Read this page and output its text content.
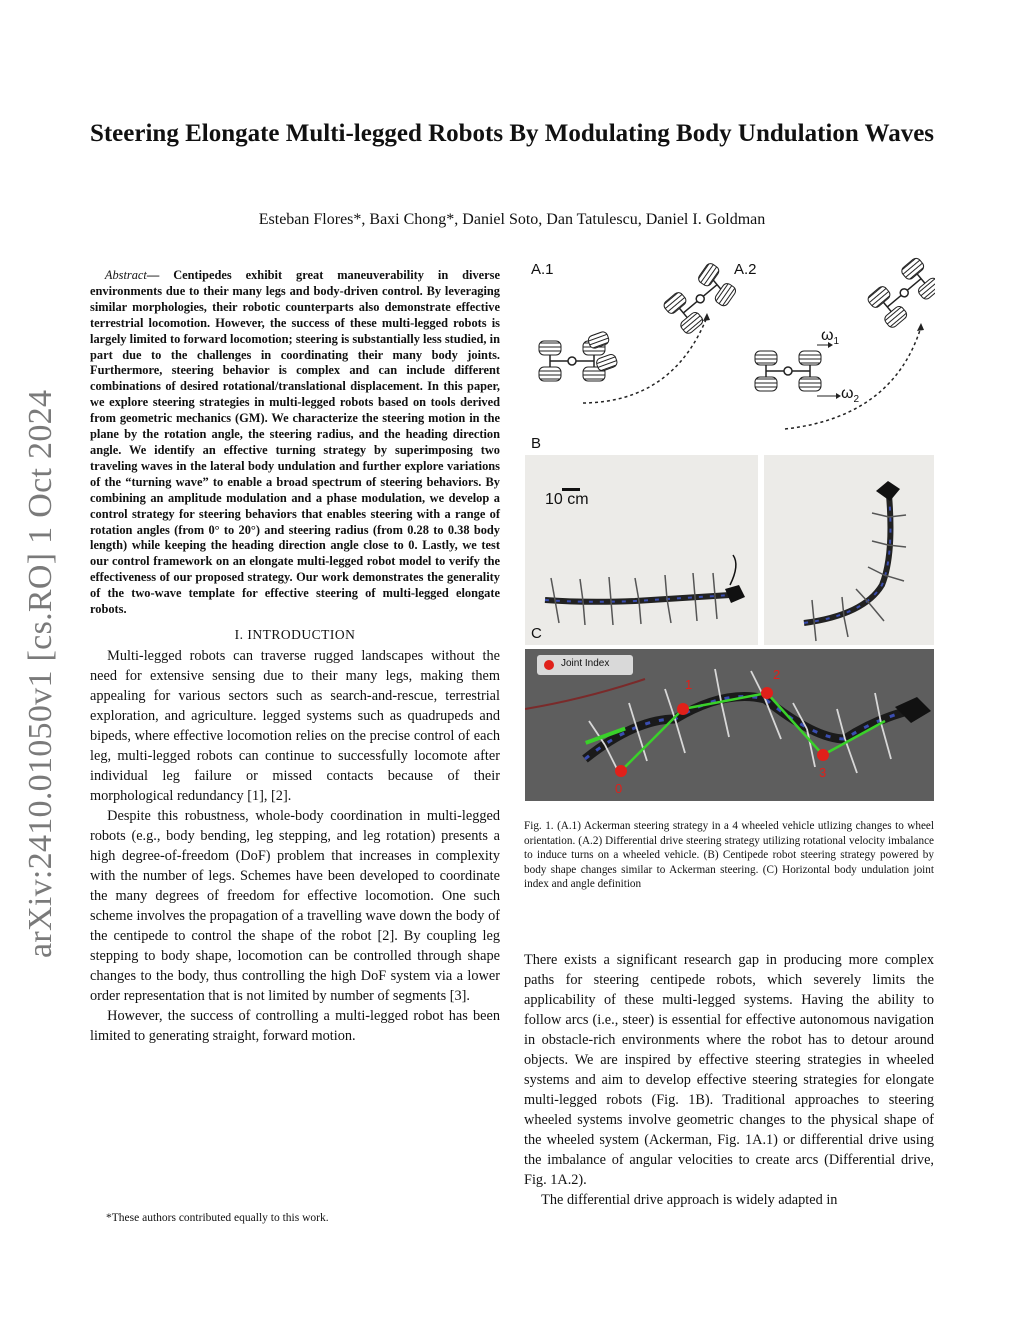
Steering Elongate Multi-legged Robots By Modulating Body Undulation Waves
Esteban Flores*, Baxi Chong*, Daniel Soto, Dan Tatulescu, Daniel I. Goldman
arXiv:2410.01050v1 [cs.RO] 1 Oct 2024

Abstract— Centipedes exhibit great maneuverability in diverse environments due to their many legs and body-driven control. By leveraging similar morphologies, their robotic counterparts also demonstrate effective terrestrial locomotion. However, the success of these multi-legged robots is largely limited to forward locomotion; steering is substantially less studied, in part due to the challenges in coordinating their many body joints. Furthermore, steering behavior is complex and can include different combinations of desired rotational/translational displacement. In this paper, we explore steering strategies in multi-legged robots based on tools derived from geometric mechanics (GM). We characterize the steering motion in the plane by the rotation angle, the steering radius, and the heading direction angle. We identify an effective turning strategy by superimposing two traveling waves in the lateral body undulation and further explore variations of the “turning wave” to enable a broad spectrum of steering behaviors. By combining an amplitude modulation and a phase modulation, we develop a control strategy for steering behaviors that enables steering with a range of rotation angles (from 0° to 20°) and steering radius (from 0.28 to 0.38 body length) while keeping the heading direction angle close to 0. Lastly, we test our control framework on an elongate multi-legged robot model to verify the effectiveness of our proposed strategy. Our work demonstrates the generality of the two-wave template for effective steering of multi-legged elongate robots.

I. INTRODUCTION

Multi-legged robots can traverse rugged landscapes without the need for extensive sensing due to their many legs, making them appealing for various sectors such as search-and-rescue, terrestrial exploration, and agriculture. legged systems such as quadrupeds and bipeds, where effective locomotion relies on the precise control of each leg, multi-legged robots can continue to successfully locomote after individual leg failure or missed contacts because of their morphological redundancy [1], [2].

Despite this robustness, whole-body coordination in multi-legged robots (e.g., body bending, leg stepping, and leg rotation) presents a high degree-of-freedom (DoF) problem that increases in complexity with the number of legs. Schemes have been developed to coordinate the many degrees of freedom for effective locomotion. One such scheme involves the propagation of a travelling wave down the body of the centipede to control the shape of the robot [2]. By coupling leg stepping to body shape, locomotion can be controlled through shape changes to the body, thus controlling the high DoF system via a lower order representation that is not limited by number of segments [3].

However, the success of controlling a multi-legged robot has been limited to generating straight, forward motion.

*These authors contributed equally to this work.
A.1	A.2
$\omega_1$
$\omega_2$
B
10 cm
C
1
2
0
3
Joint Index
Fig. 1. (A.1) Ackerman steering strategy in a 4 wheeled vehicle utlizing changes to wheel orientation. (A.2) Differential drive steering strategy utilizing rotational velocity imbalance to induce turns on a wheeled vehicle. (B) Centipede robot steering strategy powered by body shape changes similar to Ackerman steering. (C) Horizontal body undulation joint index and angle definition

There exists a significant research gap in producing more complex paths for steering centipede robots, which severely limits the applicability of these multi-legged systems. Having the ability to follow arcs (i.e., steer) is essential for effective autonomous navigation in obstacle-rich environments where the robot has to detour around objects. We are inspired by effective steering strategies in wheeled systems and aim to develop effective steering strategies for elongate multi-legged robots (Fig. 1B). Traditional approaches to steering wheeled systems involve geometric changes to the physical shape of the wheeled system (Ackerman, Fig. 1A.1) or differential drive using the imbalance of angular velocities to create arcs (Differential drive, Fig. 1A.2).

The differential drive approach is widely adapted in
